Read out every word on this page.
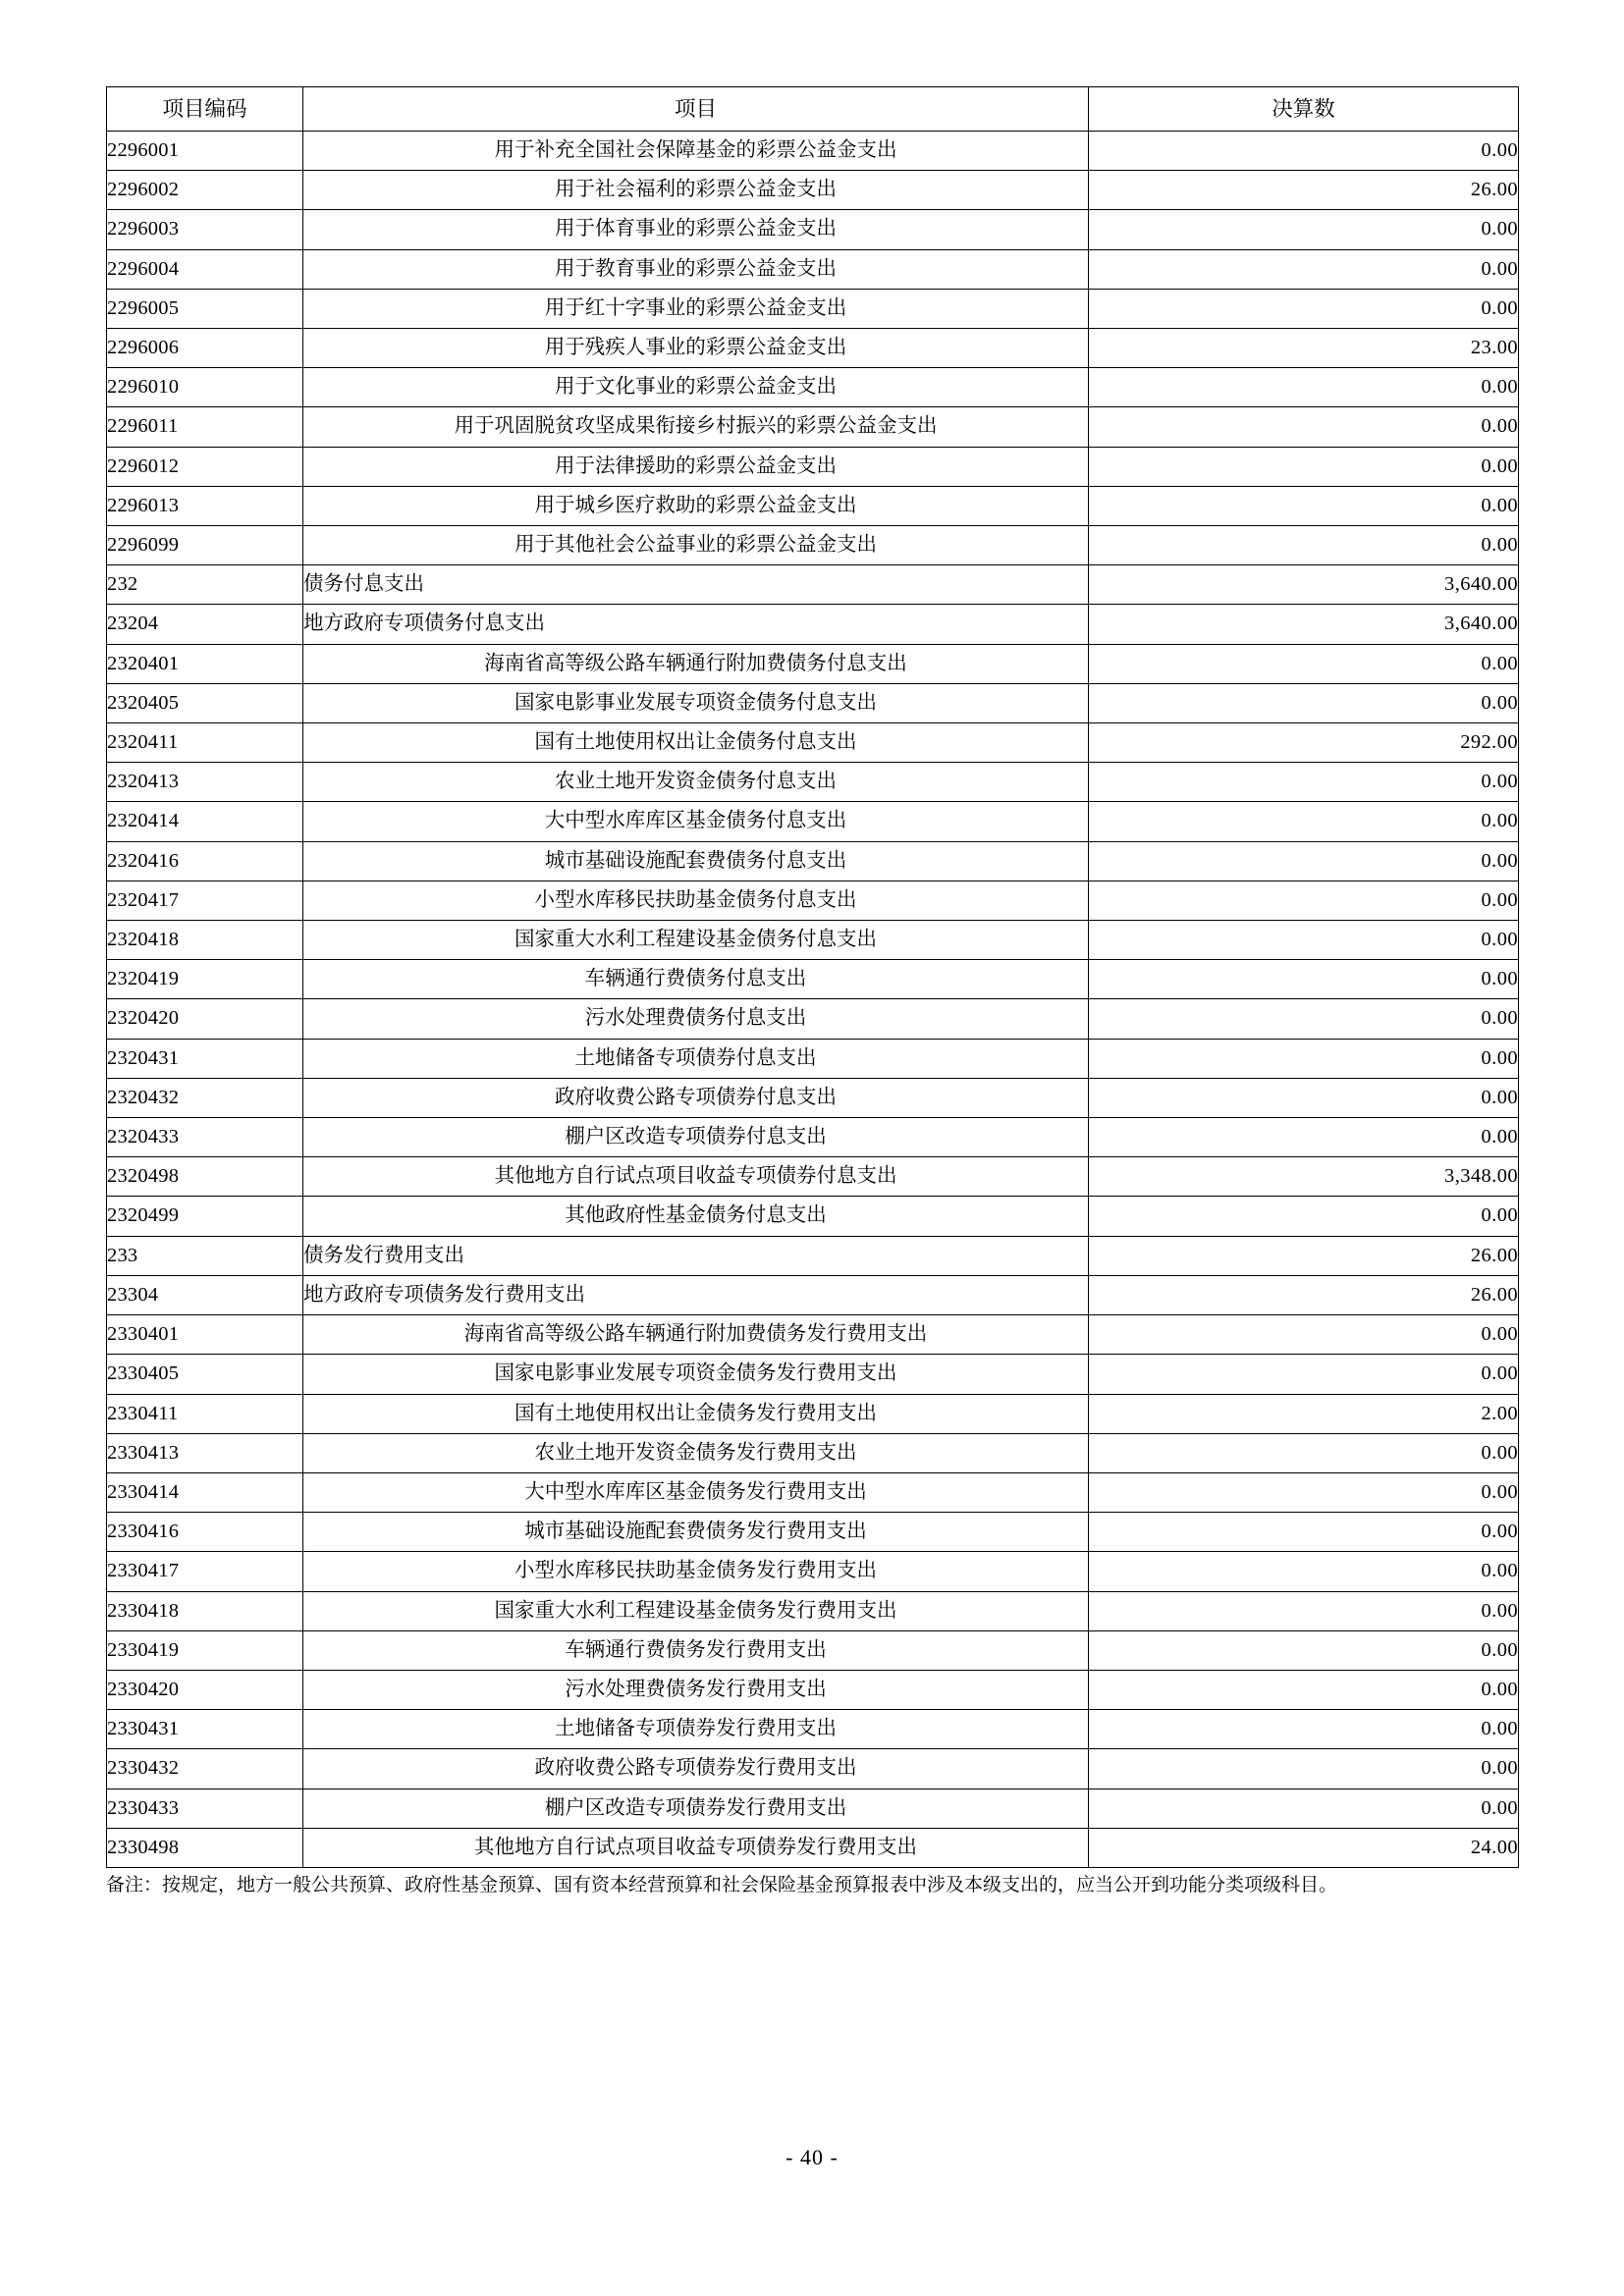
项目编码	项目	决算数
2296001	用于补充全国社会保障基金的彩票公益金支出	0.00
2296002	用于社会福利的彩票公益金支出	26.00
2296003	用于体育事业的彩票公益金支出	0.00
2296004	用于教育事业的彩票公益金支出	0.00
2296005	用于红十字事业的彩票公益金支出	0.00
2296006	用于残疾人事业的彩票公益金支出	23.00
2296010	用于文化事业的彩票公益金支出	0.00
2296011	用于巩固脱贫攻坚成果衔接乡村振兴的彩票公益金支出	0.00
2296012	用于法律援助的彩票公益金支出	0.00
2296013	用于城乡医疗救助的彩票公益金支出	0.00
2296099	用于其他社会公益事业的彩票公益金支出	0.00
232	债务付息支出	3,640.00
23204	地方政府专项债务付息支出	3,640.00
2320401	海南省高等级公路车辆通行附加费债务付息支出	0.00
2320405	国家电影事业发展专项资金债务付息支出	0.00
2320411	国有土地使用权出让金债务付息支出	292.00
2320413	农业土地开发资金债务付息支出	0.00
2320414	大中型水库库区基金债务付息支出	0.00
2320416	城市基础设施配套费债务付息支出	0.00
2320417	小型水库移民扶助基金债务付息支出	0.00
2320418	国家重大水利工程建设基金债务付息支出	0.00
2320419	车辆通行费债务付息支出	0.00
2320420	污水处理费债务付息支出	0.00
2320431	土地储备专项债券付息支出	0.00
2320432	政府收费公路专项债券付息支出	0.00
2320433	棚户区改造专项债券付息支出	0.00
2320498	其他地方自行试点项目收益专项债券付息支出	3,348.00
2320499	其他政府性基金债务付息支出	0.00
233	债务发行费用支出	26.00
23304	地方政府专项债务发行费用支出	26.00
2330401	海南省高等级公路车辆通行附加费债务发行费用支出	0.00
2330405	国家电影事业发展专项资金债务发行费用支出	0.00
2330411	国有土地使用权出让金债务发行费用支出	2.00
2330413	农业土地开发资金债务发行费用支出	0.00
2330414	大中型水库库区基金债务发行费用支出	0.00
2330416	城市基础设施配套费债务发行费用支出	0.00
2330417	小型水库移民扶助基金债务发行费用支出	0.00
2330418	国家重大水利工程建设基金债务发行费用支出	0.00
2330419	车辆通行费债务发行费用支出	0.00
2330420	污水处理费债务发行费用支出	0.00
2330431	土地储备专项债券发行费用支出	0.00
2330432	政府收费公路专项债券发行费用支出	0.00
2330433	棚户区改造专项债券发行费用支出	0.00
2330498	其他地方自行试点项目收益专项债券发行费用支出	24.00
备注：按规定，地方一般公共预算、政府性基金预算、国有资本经营预算和社会保险基金预算报表中涉及本级支出的，应当公开到功能分类项级科目。
- 40 -
